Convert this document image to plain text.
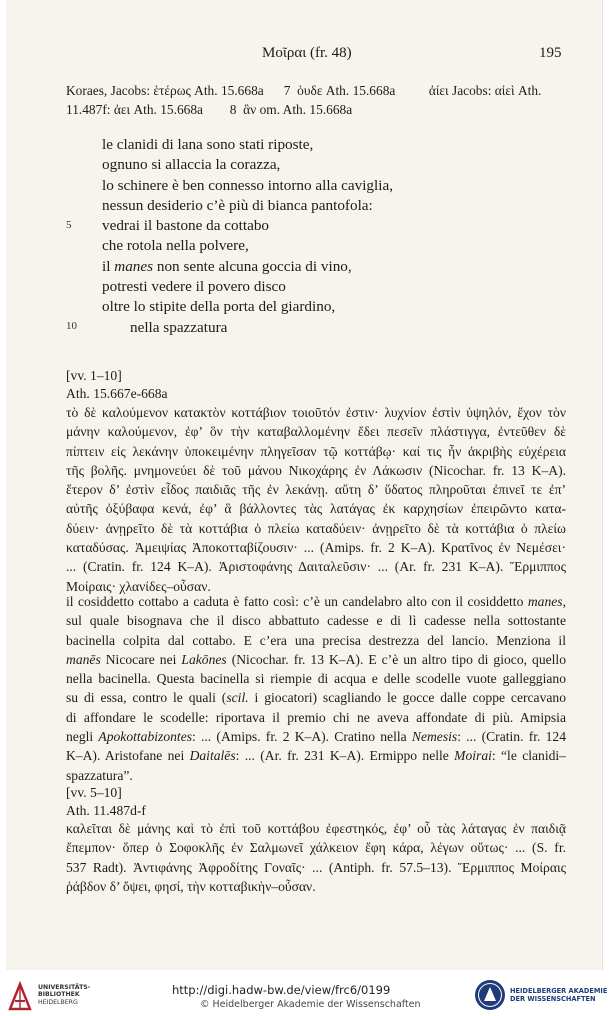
Μοῖραι (fr. 48)	195
Koraes, Jacobs: ἑτέρως Ath. 15.668a      7  ὁυδε Ath. 15.668a          ἀίει Jacobs: αἰεὶ Ath.
11.487f: ἀει Ath. 15.668a        8  ἂν om. Ath. 15.668a
le clanidi di lana sono stati riposte,
ognuno si allaccia la corazza,
lo schinere è ben connesso intorno alla caviglia,
nessun desiderio c’è più di bianca pantofola:
vedrai il bastone da cottabo
che rotola nella polvere,
il manes non sente alcuna goccia di vino,
potresti vedere il povero disco
oltre lo stipite della porta del giardino,
nella spazzatura
5
10
[vv. 1–10]
Ath. 15.667e-668a
τὸ δὲ καλούμενον κατακτὸν κοττάβιον τοιοῦτόν ἐστιν· λυχνίον ἐστὶν ὑψηλόν, ἔχον τὸν
μάνην καλούμενον, ἐφ’ ὃν τὴν καταβαλλομένην ἔδει πεσεῖν πλάστιγγα, ἐντεῦθεν δὲ
πίπτειν εἰς λεκάνην ὑποκειμένην πληγεῖσαν τῷ κοττάβῳ· καί τις ἦν ἀκριβὴς εὐχέρεια
τῆς βολῆς. μνημονεύει δὲ τοῦ μάνου Νικοχάρης ἐν Λάκωσιν (Nicochar. fr. 13 K–A).
ἕτερον δ’ ἐστὶν εἶδος παιδιᾶς τῆς ἐν λεκάνῃ. αὕτη δ’ ὕδατος πληροῦται ἐπινεῖ τε ἐπ’
αὐτῆς ὀξύβαφα κενά, ἐφ’ ἃ βάλλοντες τὰς λατάγας ἐκ καρχησίων ἐπειρῶντο κατα-
δύειν· ἀνῃρεῖτο δὲ τὰ κοττάβια ὁ πλείω καταδύειν· ἀνῃρεῖτο δὲ τὰ κοττάβια ὁ πλείω
καταδύσας. Ἀμειψίας Ἀποκοτταβίζουσιν· ... (Amips. fr. 2 K–A). Κρατῖνος ἐν Νεμέσει·
... (Cratin. fr. 124 K–A). Ἀριστοφάνης Δαιταλεῦσιν· ... (Ar. fr. 231 K–A). Ἕρμιππος
Μοίραις· χλανίδες–οὖσαν.
il cosiddetto cottabo a caduta è fatto così: c’è un candelabro alto con il cosiddetto manes,
sul quale bisognava che il disco abbattuto cadesse e di lì cadesse nella sottostante
bacinella colpita dal cottabo. E c’era una precisa destrezza del lancio. Menziona il
manēs Nicocare nei Lakōnes (Nicochar. fr. 13 K–A). E c’è un altro tipo di gioco, quello
nella bacinella. Questa bacinella si riempie di acqua e delle scodelle vuote galleggiano
su di essa, contro le quali (scil. i giocatori) scagliando le gocce dalle coppe cercavano
di affondare le scodelle: riportava il premio chi ne aveva affondate di più. Amipsia
negli Apokottabizontes: ... (Amips. fr. 2 K–A). Cratino nella Nemesis: ... (Cratin. fr. 124
K–A). Aristofane nei Daitalēs: ... (Ar. fr. 231 K–A). Ermippo nelle Moirai: “le clanidi–
spazzatura”.
[vv. 5–10]
Ath. 11.487d-f
καλεῖται δὲ μάνης καὶ τὸ ἐπὶ τοῦ κοττάβου ἐφεστηκός, ἐφ’ οὗ τὰς λάταγας ἐν παιδιᾷ
ἔπεμπον· ὅπερ ὁ Σοφοκλῆς ἐν Σαλμωνεῖ χάλκειον ἔφη κάρα, λέγων οὕτως· ... (S. fr.
537 Radt). Ἀντιφάνης Ἀφροδίτης Γοναῖς· ... (Antiph. fr. 57.5–13). Ἕρμιππος Μοίραις
ῥάβδον δ’ ὄψει, φησί, τὴν κοτταβικὴν–οὖσαν.
UNIVERSITÄTS-
BIBLIOTHEK
HEIDELBERG
http://digi.hadw-bw.de/view/frc6/0199
© Heidelberger Akademie der Wissenschaften
HEIDELBERGER AKADEMIE
DER WISSENSCHAFTEN
